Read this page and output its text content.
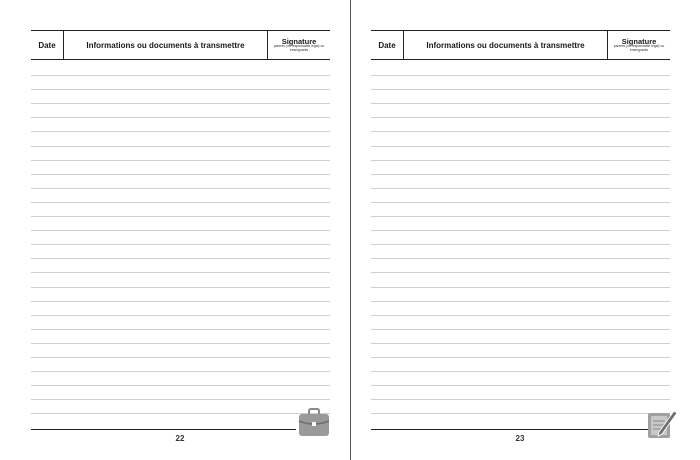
Date	Informations ou documents à transmettre	Signature
parents (ou responsable légal) ou enseignants
22
Date	Informations ou documents à transmettre	Signature
parents (ou responsable légal) ou enseignants
23
